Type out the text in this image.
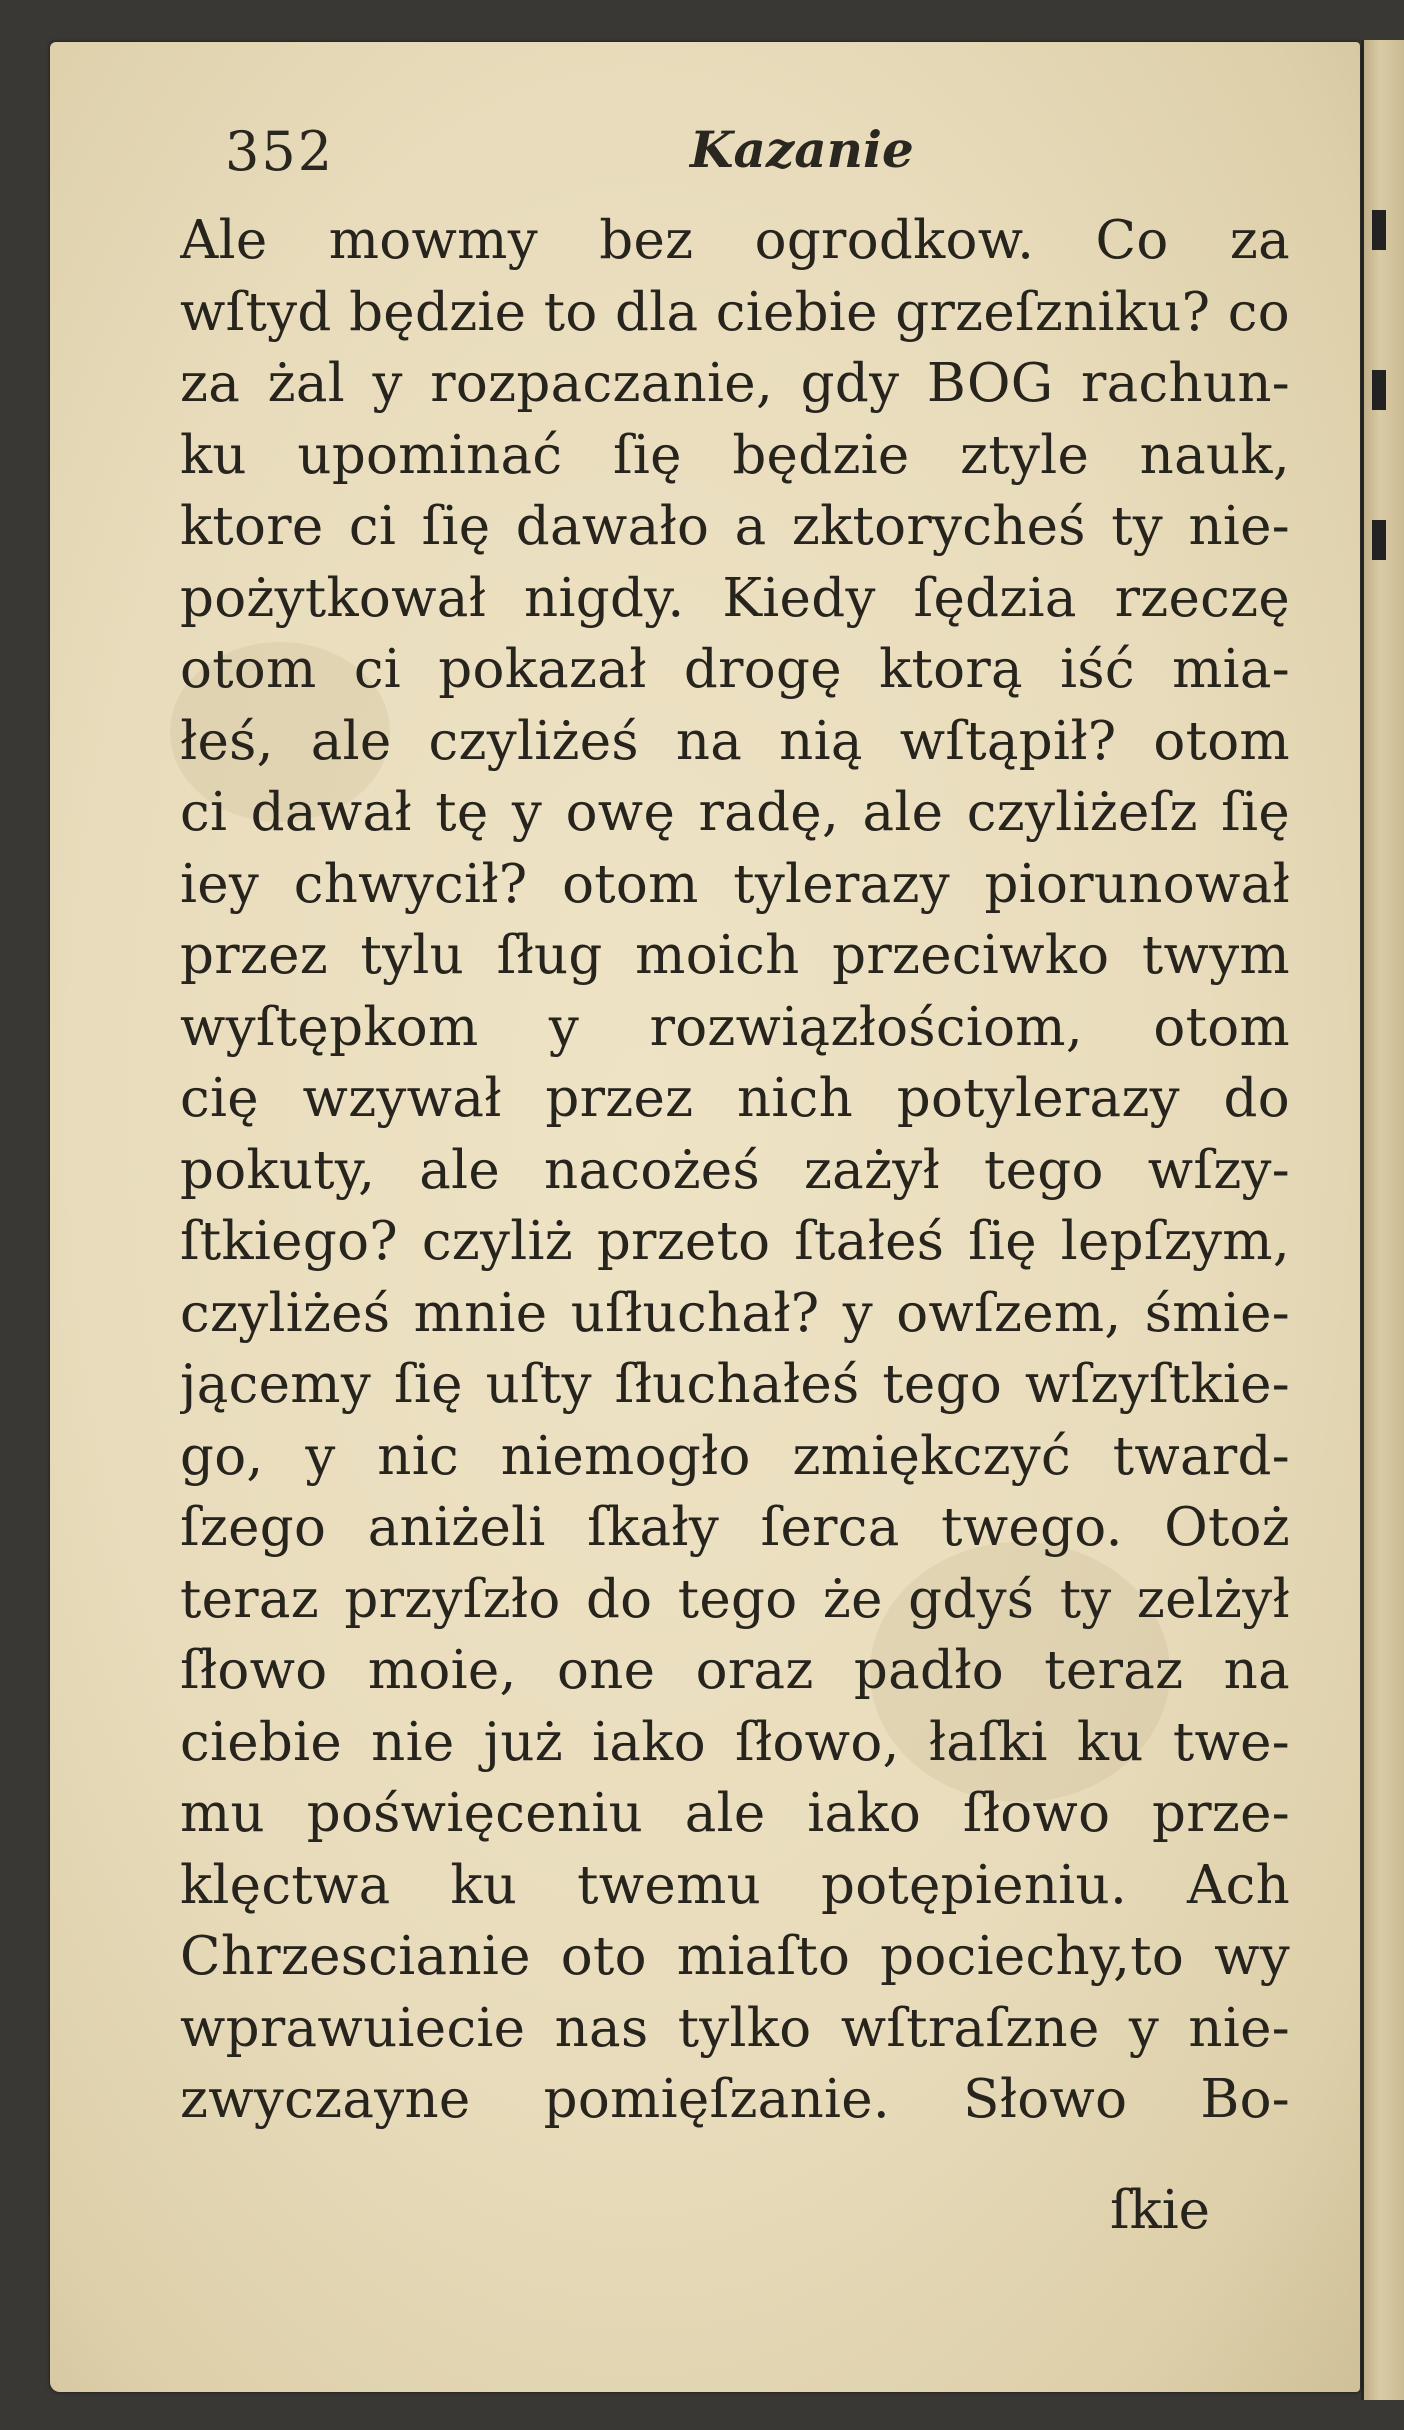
352	Kazanie
Ale mowmy bez ogrodkow. Co za
wſtyd będzie to dla ciebie grzeſzniku? co
za żal y rozpaczanie, gdy BOG rachun-
ku upominać ſię będzie ztyle nauk,
ktore ci ſię dawało a zktorycheś ty nie-
pożytkował nigdy. Kiedy ſędzia rzeczę
otom ci pokazał drogę ktorą iść mia-
łeś, ale czyliżeś na nią wſtąpił? otom
ci dawał tę y owę radę, ale czyliżeſz ſię
iey chwycił? otom tylerazy piorunował
przez tylu ſług moich przeciwko twym
wyſtępkom y rozwiązłościom, otom
cię wzywał przez nich potylerazy do
pokuty, ale nacożeś zażył tego wſzy-
ſtkiego? czyliż przeto ſtałeś ſię lepſzym,
czyliżeś mnie uſłuchał? y owſzem, śmie-
jącemy ſię uſty ſłuchałeś tego wſzyſtkie-
go, y nic niemogło zmiękczyć tward-
ſzego aniżeli ſkały ſerca twego. Otoż
teraz przyſzło do tego że gdyś ty zelżył
ſłowo moie, one oraz padło teraz na
ciebie nie już iako ſłowo, łaſki ku twe-
mu poświęceniu ale iako ſłowo prze-
klęctwa ku twemu potępieniu. Ach
Chrzescianie oto miaſto pociechy,to wy
wprawuiecie nas tylko wſtraſzne y nie-
zwyczayne pomięſzanie. Słowo Bo-
ſkie
